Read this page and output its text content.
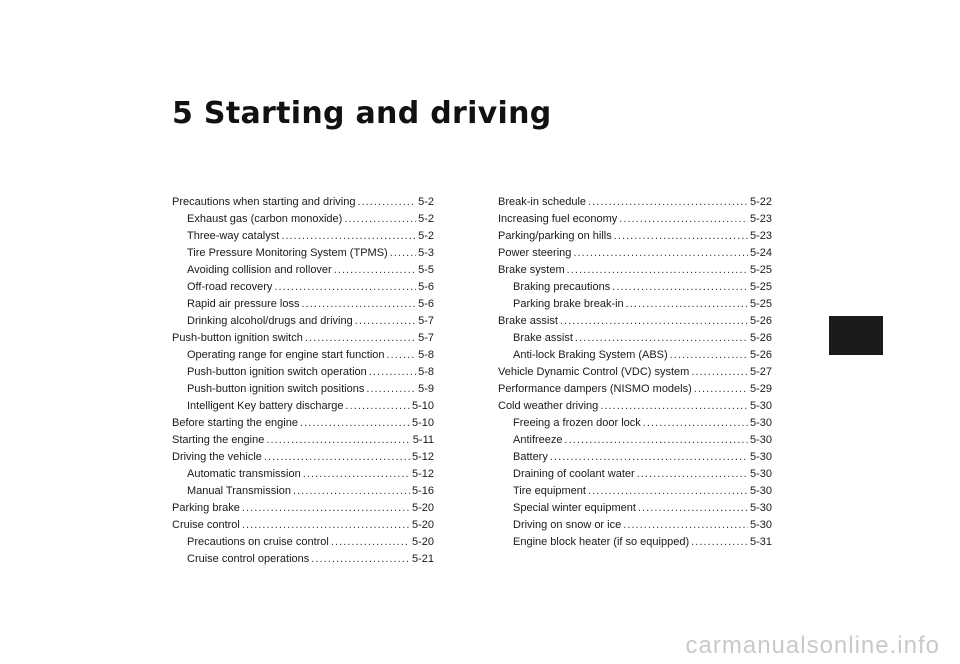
5 Starting and driving
Precautions when starting and driving . . .	5-2
Exhaust gas (carbon monoxide) . . .	5-2
Three-way catalyst . . .	5-2
Tire Pressure Monitoring System (TPMS) . . .	5-3
Avoiding collision and rollover . . .	5-5
Off-road recovery . . .	5-6
Rapid air pressure loss . . .	5-6
Drinking alcohol/drugs and driving . . .	5-7
Push-button ignition switch . . .	5-7
Operating range for engine start function . . .	5-8
Push-button ignition switch operation . . .	5-8
Push-button ignition switch positions . . .	5-9
Intelligent Key battery discharge . . .	5-10
Before starting the engine . . .	5-10
Starting the engine . . .	5-11
Driving the vehicle . . .	5-12
Automatic transmission . . .	5-12
Manual Transmission . . .	5-16
Parking brake . . .	5-20
Cruise control . . .	5-20
Precautions on cruise control . . .	5-20
Cruise control operations . . .	5-21
Break-in schedule . . .	5-22
Increasing fuel economy . . .	5-23
Parking/parking on hills . . .	5-23
Power steering . . .	5-24
Brake system . . .	5-25
Braking precautions . . .	5-25
Parking brake break-in . . .	5-25
Brake assist . . .	5-26
Brake assist . . .	5-26
Anti-lock Braking System (ABS) . . .	5-26
Vehicle Dynamic Control (VDC) system . . .	5-27
Performance dampers (NISMO models) . . .	5-29
Cold weather driving . . .	5-30
Freeing a frozen door lock . . .	5-30
Antifreeze . . .	5-30
Battery . . .	5-30
Draining of coolant water . . .	5-30
Tire equipment . . .	5-30
Special winter equipment . . .	5-30
Driving on snow or ice . . .	5-30
Engine block heater (if so equipped) . . .	5-31
carmanualsonline.info
